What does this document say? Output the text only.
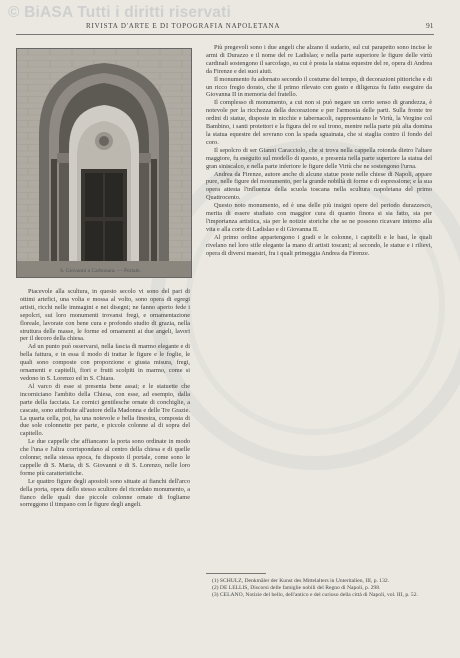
© BiASA Tutti i diritti riservati
RIVISTA D'ARTE E DI TOPOGRAFIA NAPOLETANA	91
S. Giovanni a Carbonara. — Portale.

Piacevole alla scultura, in questo secolo vi sono del pari di ottimi artefici, una volta e mossa al volto, sono opera di egregi artisti, ricchi nelle immagini e nei disegni; ne fanno aperto fede i sepolcri, sui loro monumenti trovansi fregi, e ornamentazione floreale, lavorate con bene cura e profondo studio di grazia, nella struttura delle masse, le forme ed ornamenti ai due angeli, lavori per il decoro della chiesa.

Ad un punto può osservarsi, nella fascia di marmo elegante e di bella fattura, e in essa il modo di trattar le figure e le foglie, le quali sono composte con proporzione e giusta misura, fregi, ornamenti e capitelli, fiori e frutti scolpiti in marmo, come si vedono in S. Lorenzo ed in S. Chiara.

Al varco di esse si presenta bene assai; e le statuette che incorniciano l'ambito della Chiesa, con esse, ad esempio, dalla parte della facciata. Le cornici gentilesche ornate di conchiglie, a cascate, sono attribuite all'autore della Madonna e delle Tre Grazie. La quarta cella, poi, ha una notevole e bella finestra, composta di due sole colonnette per parte, e piccole colonne al di sopra del capitello.

Le due cappelle che affiancano la porta sono ordinate in modo che l'una e l'altra corrispondano al centro della chiesa e di quelle colonne; nella stessa epoca, fu disposto il portale, come sono le cappelle di S. Maria, di S. Giovanni e di S. Lorenzo, nelle loro forme più caratteristiche.

Le quattro figure degli apostoli sono situate ai fianchi dell'arco della porta, opera dello stesso scultore del ricordato monumento, a fianco delle quali due piccole colonne ornate di fogliame sorreggono il timpano con le figure degli angeli.

Più pregevoli sono i due angeli che alzano il sudario, sul cui parapetto sono incise le armi di Durazzo e il nome del re Ladislao; e nella parte superiore le figure delle virtù cardinali sostengono il sarcofago, su cui è posta la statua equestre del re, opera di Andrea da Firenze e dei suoi aiuti.

Il monumento fu adornato secondo il costume del tempo, di decorazioni pittoriche e di un ricco fregio dorato, che il primo rilevato con gusto e diligenza fu fatto eseguire da Giovanna II in memoria del fratello.

Il complesso di monumento, a cui non si può negare un certo senso di grandezza, è notevole per la ricchezza della decorazione e per l'armonia delle parti. Sulla fronte tre ordini di statue, disposte in nicchie e tabernacoli, rappresentano le Virtù, la Vergine col Bambino, i santi protettori e la figura del re sul trono, mentre nella parte più alta domina la statua equestre del sovrano con la spada sguainata, che si staglia contro il fondo del coro.

Il sepolcro di ser Gianni Caracciolo, che si trova nella cappella rotonda dietro l'altare maggiore, fu eseguito sul modello di questo, e presenta nella parte superiore la statua del gran siniscalco, e nella parte inferiore le figure delle Virtù che ne sostengono l'urna.

Andrea da Firenze, autore anche di alcune statue poste nelle chiese di Napoli, appare pure, nelle figure del monumento, per la grande nobiltà di forme e di espressione; e la sua opera attesta l'influenza della scuola toscana nella scultura napoletana del primo Quattrocento.

Questo noto monumento, ed è una delle più insigni opere del periodo durazzesco, merita di essere studiato con maggior cura di quanto finora si sia fatto, sia per l'importanza artistica, sia per le notizie storiche che se ne possono ricavare intorno alla vita e alla corte di Ladislao e di Giovanna II.

Al primo ordine appartengono i gradi e le colonne, i capitelli e le basi, le quali rivelano nel loro stile elegante la mano di artisti toscani; al secondo, le statue e i rilievi, opera di diversi maestri, fra i quali primeggia Andrea da Firenze.

(1) SCHULZ, Denkmäler der Kunst des Mittelalters in Unteritalien, III, p. 132.
(2) DE LELLIS, Discorsi delle famiglie nobili del Regno di Napoli, p. 298.
(3) CELANO, Notizie del bello, dell'antico e del curioso della città di Napoli, vol. III, p. 52.
